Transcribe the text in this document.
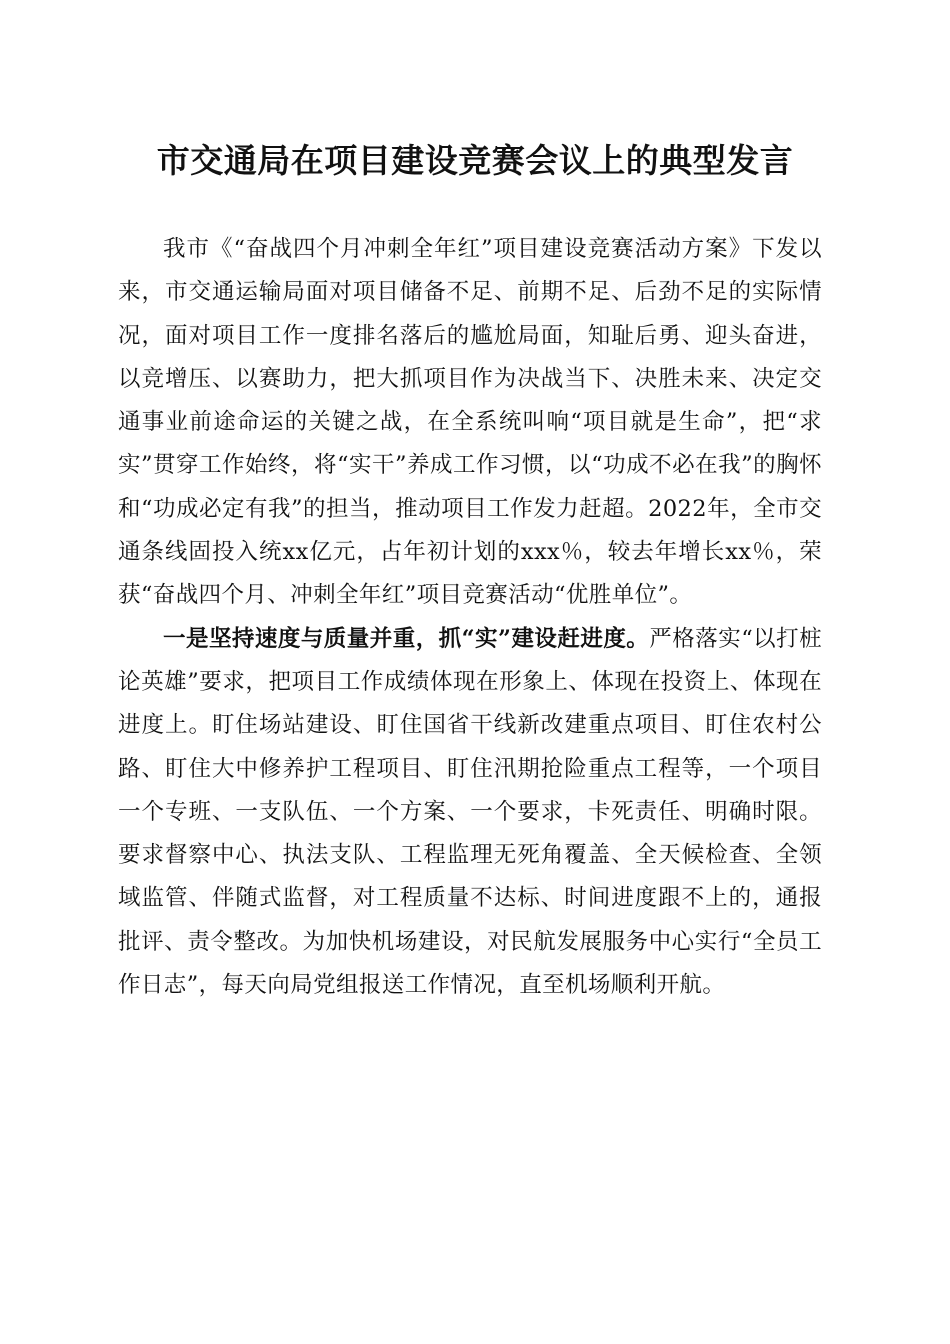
市交通局在项目建设竞赛会议上的典型发言

我市《“奋战四个月冲刺全年红”项目建设竞赛活动方案》下发以来，市交通运输局面对项目储备不足、前期不足、后劲不足的实际情况，面对项目工作一度排名落后的尴尬局面，知耻后勇、迎头奋进，以竞增压、以赛助力，把大抓项目作为决战当下、决胜未来、决定交通事业前途命运的关键之战，在全系统叫响“项目就是生命”，把“求实”贯穿工作始终，将“实干”养成工作习惯，以“功成不必在我”的胸怀和“功成必定有我”的担当，推动项目工作发力赶超。2022年，全市交通条线固投入统xx亿元，占年初计划的xxx％，较去年增长xx％，荣获“奋战四个月、冲刺全年红”项目竞赛活动“优胜单位”。

一是坚持速度与质量并重，抓“实”建设赶进度。严格落实“以打桩论英雄”要求，把项目工作成绩体现在形象上、体现在投资上、体现在进度上。盯住场站建设、盯住国省干线新改建重点项目、盯住农村公路、盯住大中修养护工程项目、盯住汛期抢险重点工程等，一个项目一个专班、一支队伍、一个方案、一个要求，卡死责任、明确时限。要求督察中心、执法支队、工程监理无死角覆盖、全天候检查、全领域监管、伴随式监督，对工程质量不达标、时间进度跟不上的，通报批评、责令整改。为加快机场建设，对民航发展服务中心实行“全员工作日志”，每天向局党组报送工作情况，直至机场顺利开航。
